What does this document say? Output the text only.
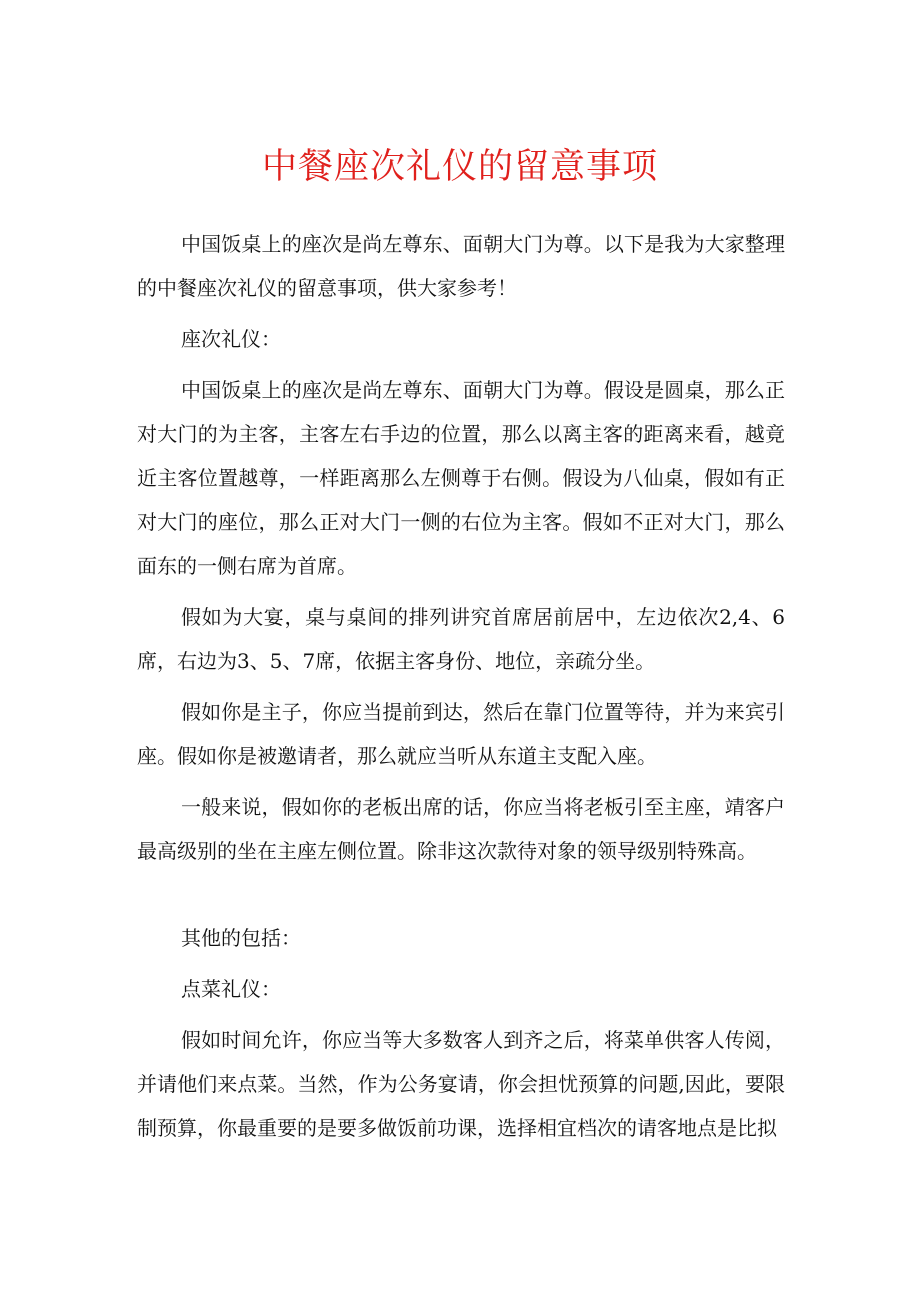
中餐座次礼仪的留意事项

中国饭桌上的座次是尚左尊东、面朝大门为尊。以下是我为大家整理的中餐座次礼仪的留意事项，供大家参考！

座次礼仪：

中国饭桌上的座次是尚左尊东、面朝大门为尊。假设是圆桌，那么正对大门的为主客，主客左右手边的位置，那么以离主客的距离来看，越竟近主客位置越尊，一样距离那么左侧尊于右侧。假设为八仙桌，假如有正对大门的座位，那么正对大门一侧的右位为主客。假如不正对大门，那么面东的一侧右席为首席。

假如为大宴，桌与桌间的排列讲究首席居前居中，左边依次2,4、6席，右边为3、5、7席，依据主客身份、地位，亲疏分坐。

假如你是主子，你应当提前到达，然后在靠门位置等待，并为来宾引座。假如你是被邀请者，那么就应当听从东道主支配入座。

一般来说，假如你的老板出席的话，你应当将老板引至主座，靖客户最高级别的坐在主座左侧位置。除非这次款待对象的领导级别特殊高。

其他的包括：

点菜礼仪：

假如时间允许，你应当等大多数客人到齐之后，将菜单供客人传阅，并请他们来点菜。当然，作为公务宴请，你会担忧预算的问题,因此，要限制预算，你最重要的是要多做饭前功课，选择相宜档次的请客地点是比拟
